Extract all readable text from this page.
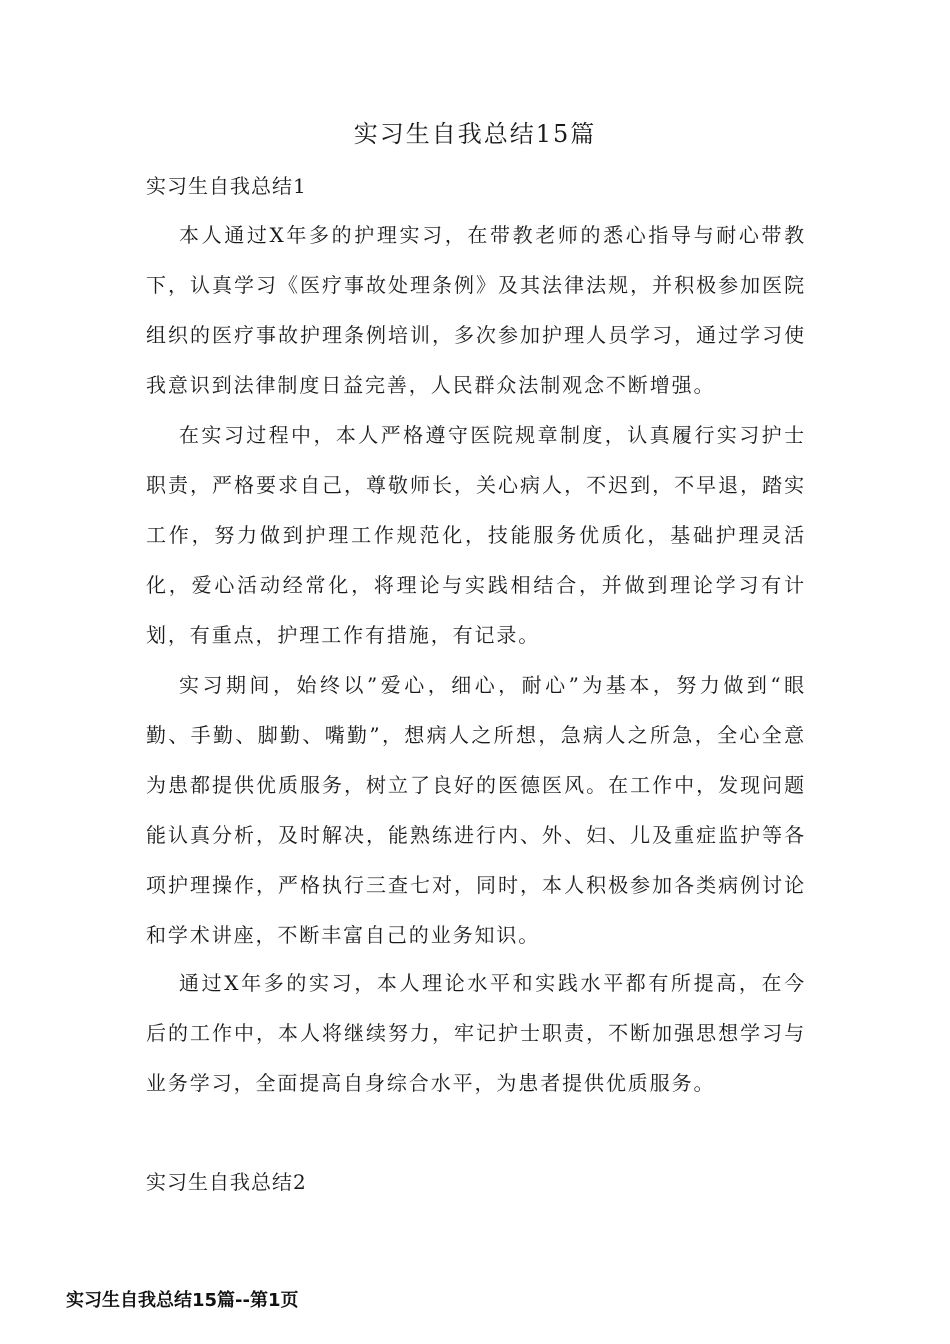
实习生自我总结15篇
实习生自我总结1

本人通过X年多的护理实习，在带教老师的悉心指导与耐心带教下，认真学习《医疗事故处理条例》及其法律法规，并积极参加医院组织的医疗事故护理条例培训，多次参加护理人员学习，通过学习使我意识到法律制度日益完善，人民群众法制观念不断增强。

在实习过程中，本人严格遵守医院规章制度，认真履行实习护士职责，严格要求自己，尊敬师长，关心病人，不迟到，不早退，踏实工作，努力做到护理工作规范化，技能服务优质化，基础护理灵活化，爱心活动经常化，将理论与实践相结合，并做到理论学习有计划，有重点，护理工作有措施，有记录。

实习期间，始终以”爱心，细心，耐心”为基本，努力做到“眼勤、手勤、脚勤、嘴勤”，想病人之所想，急病人之所急，全心全意为患都提供优质服务，树立了良好的医德医风。在工作中，发现问题能认真分析，及时解决，能熟练进行内、外、妇、儿及重症监护等各项护理操作，严格执行三查七对，同时，本人积极参加各类病例讨论和学术讲座，不断丰富自己的业务知识。

通过X年多的实习，本人理论水平和实践水平都有所提高，在今后的工作中，本人将继续努力，牢记护士职责，不断加强思想学习与业务学习，全面提高自身综合水平，为患者提供优质服务。

实习生自我总结2
实习生自我总结15篇--第1页
